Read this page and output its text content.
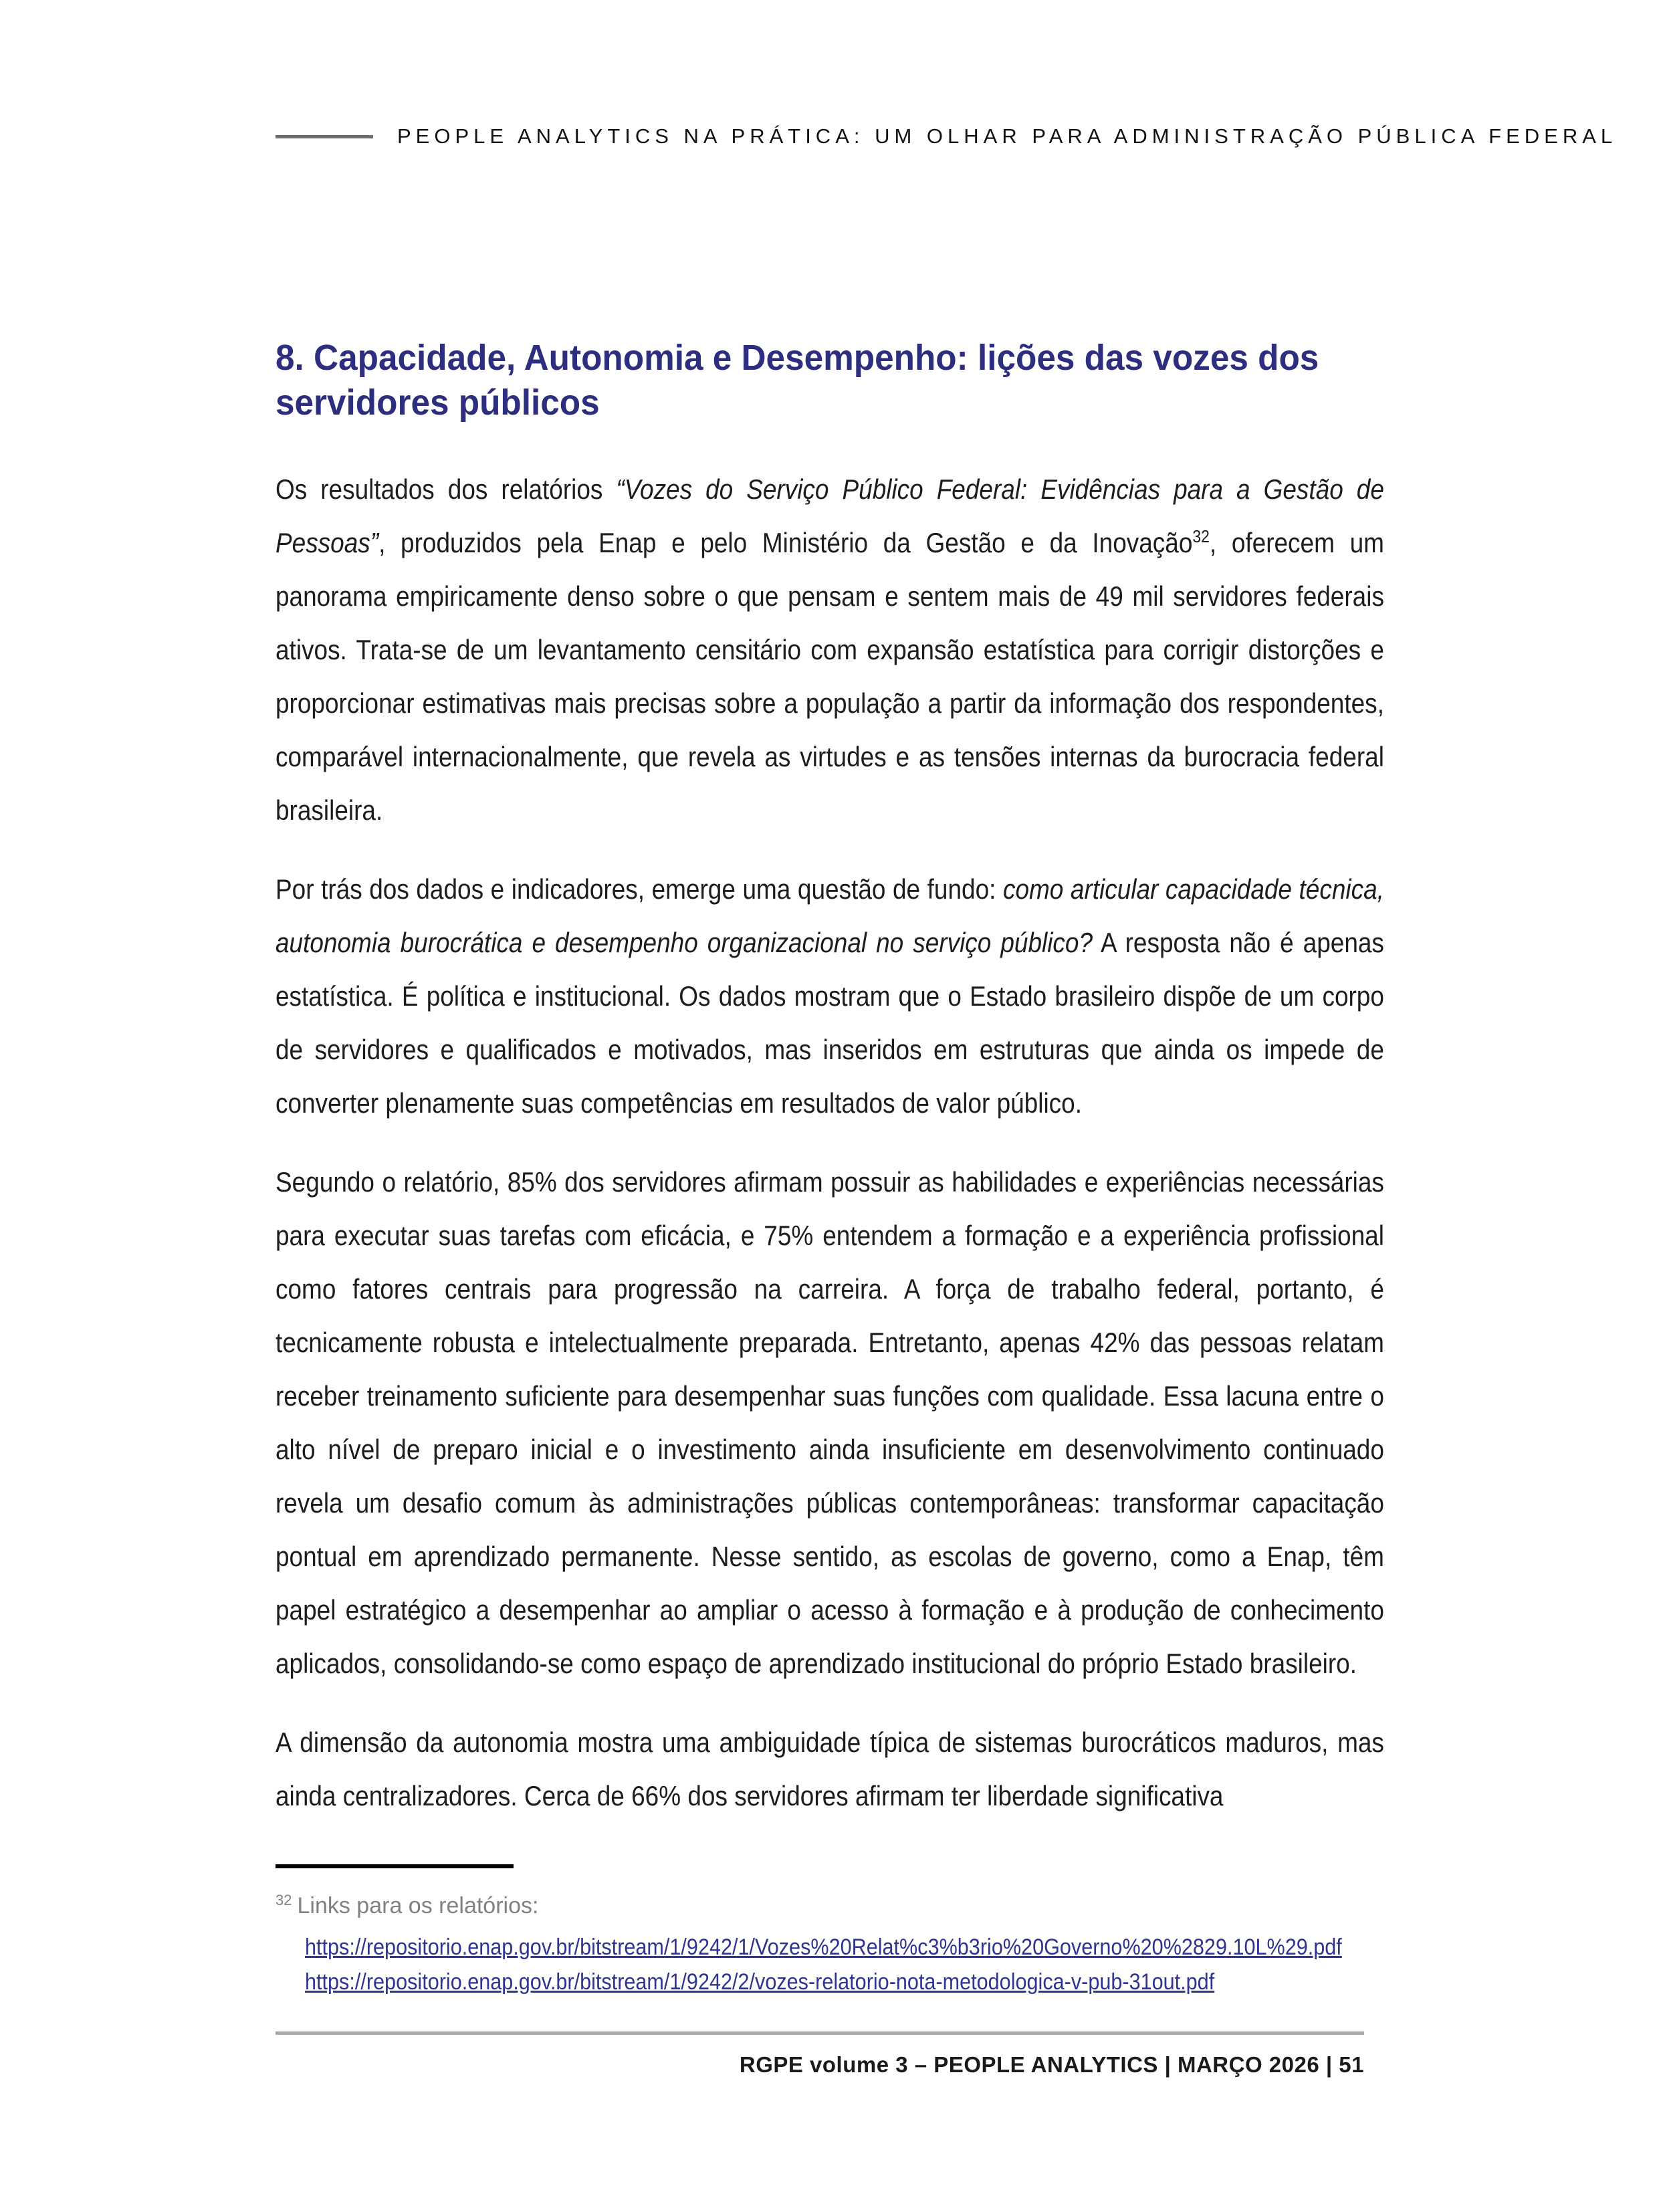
PEOPLE ANALYTICS NA PRÁTICA: UM OLHAR PARA ADMINISTRAÇÃO PÚBLICA FEDERAL
8. Capacidade, Autonomia e Desempenho: lições das vozes dos servidores públicos

Os resultados dos relatórios “Vozes do Serviço Público Federal: Evidências para a Gestão de Pessoas”, produzidos pela Enap e pelo Ministério da Gestão e da Inovação$^{32}$, oferecem um panorama empiricamente denso sobre o que pensam e sentem mais de 49 mil servidores federais ativos. Trata-se de um levantamento censitário com expansão estatística para corrigir distorções e proporcionar estimativas mais precisas sobre a população a partir da informação dos respondentes, comparável internacionalmente, que revela as virtudes e as tensões internas da burocracia federal brasileira.

Por trás dos dados e indicadores, emerge uma questão de fundo: como articular capacidade técnica, autonomia burocrática e desempenho organizacional no serviço público? A resposta não é apenas estatística. É política e institucional. Os dados mostram que o Estado brasileiro dispõe de um corpo de servidores e qualificados e motivados, mas inseridos em estruturas que ainda os impede de converter plenamente suas competências em resultados de valor público.

Segundo o relatório, 85% dos servidores afirmam possuir as habilidades e experiências necessárias para executar suas tarefas com eficácia, e 75% entendem a formação e a experiência profissional como fatores centrais para progressão na carreira. A força de trabalho federal, portanto, é tecnicamente robusta e intelectualmente preparada. Entretanto, apenas 42% das pessoas relatam receber treinamento suficiente para desempenhar suas funções com qualidade. Essa lacuna entre o alto nível de preparo inicial e o investimento ainda insuficiente em desenvolvimento continuado revela um desafio comum às administrações públicas contemporâneas: transformar capacitação pontual em aprendizado permanente. Nesse sentido, as escolas de governo, como a Enap, têm papel estratégico a desempenhar ao ampliar o acesso à formação e à produção de conhecimento aplicados, consolidando-se como espaço de aprendizado institucional do próprio Estado brasileiro.

A dimensão da autonomia mostra uma ambiguidade típica de sistemas burocráticos maduros, mas ainda centralizadores. Cerca de 66% dos servidores afirmam ter liberdade significativa

$^{32}$ Links para os relatórios:
https://repositorio.enap.gov.br/bitstream/1/9242/1/Vozes%20Relat%c3%b3rio%20Governo%20%2829.10L%29.pdf
https://repositorio.enap.gov.br/bitstream/1/9242/2/vozes-relatorio-nota-metodologica-v-pub-31out.pdf
RGPE volume 3 – PEOPLE ANALYTICS | MARÇO 2026 | 51
